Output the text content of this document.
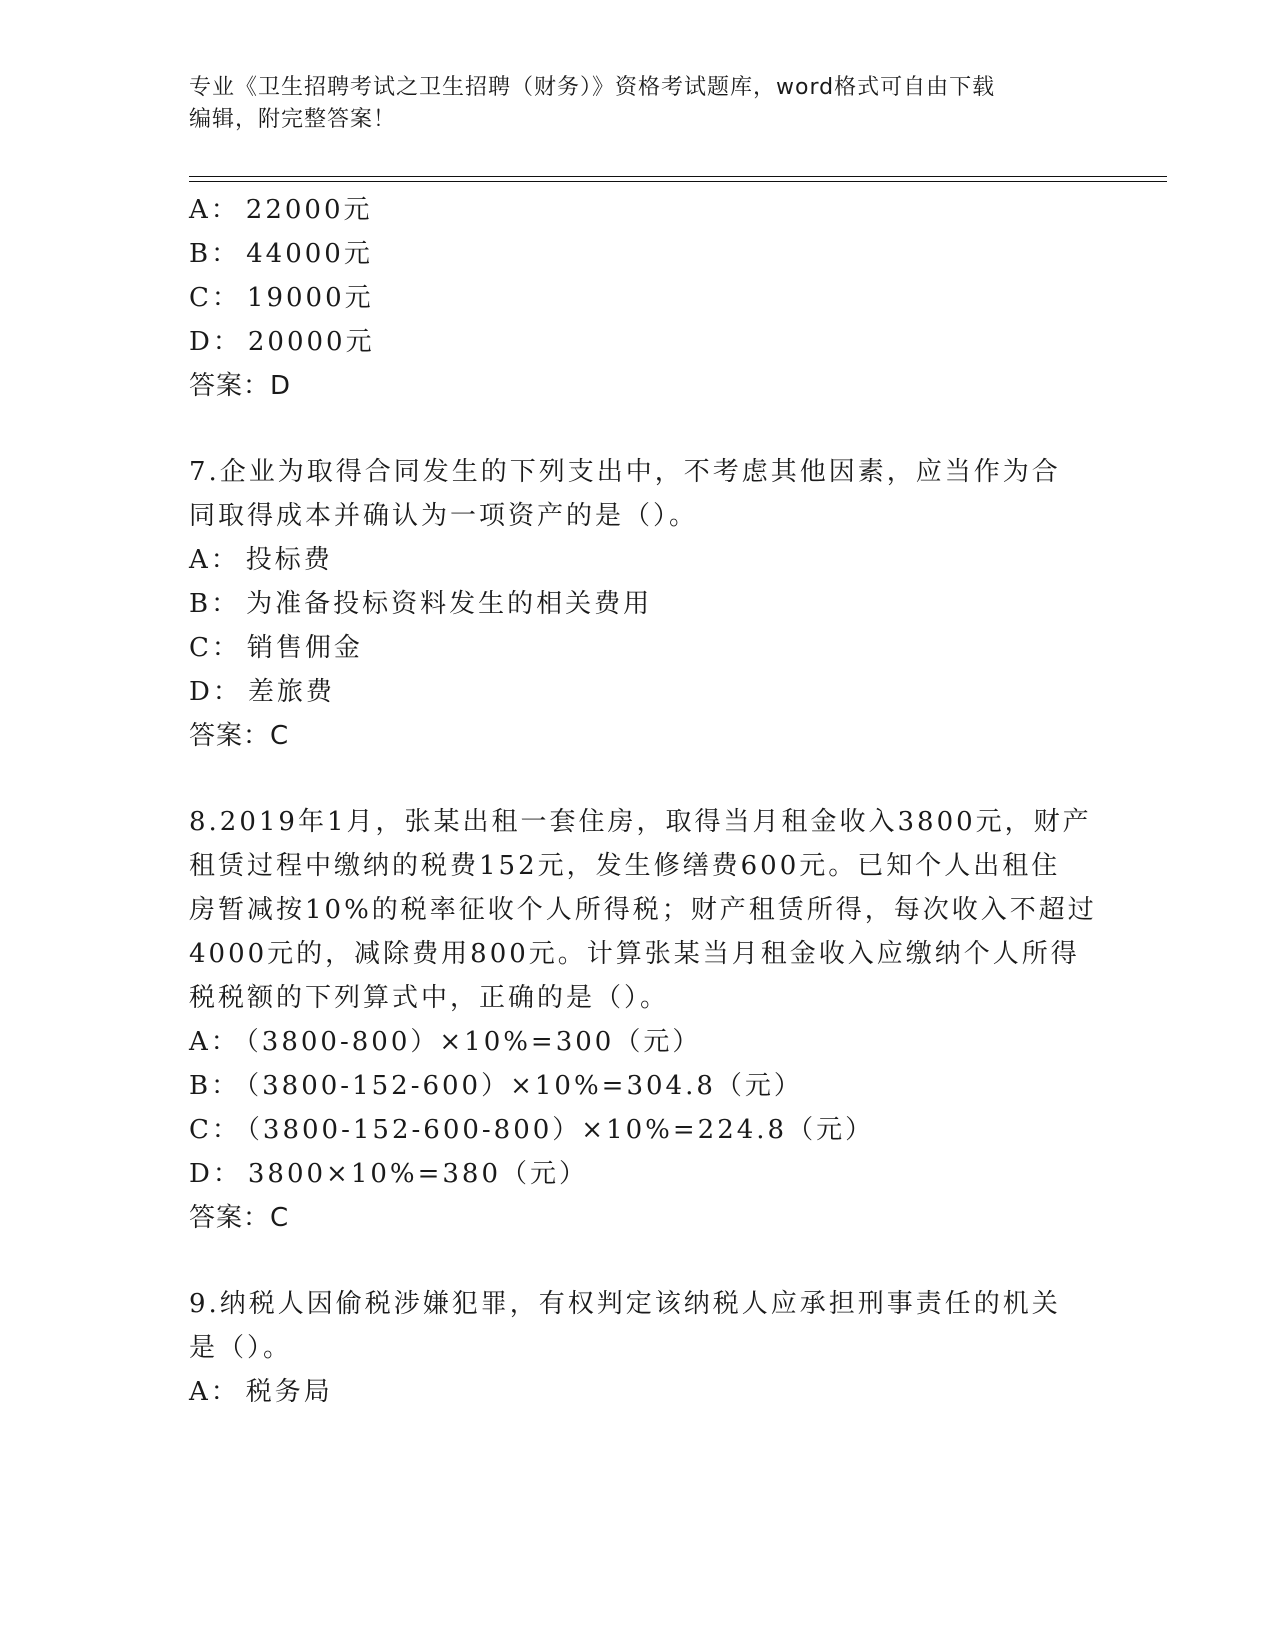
专业《卫生招聘考试之卫生招聘（财务）》资格考试题库，word格式可自由下载
编辑，附完整答案！
A： 22000元
B： 44000元
C： 19000元
D： 20000元
答案：D
7.企业为取得合同发生的下列支出中，不考虑其他因素，应当作为合
同取得成本并确认为一项资产的是（）。
A： 投标费
B： 为准备投标资料发生的相关费用
C： 销售佣金
D： 差旅费
答案：C
8.2019年1月，张某出租一套住房，取得当月租金收入3800元，财产
租赁过程中缴纳的税费152元，发生修缮费600元。已知个人出租住
房暂减按10%的税率征收个人所得税；财产租赁所得，每次收入不超过
4000元的，减除费用800元。计算张某当月租金收入应缴纳个人所得
税税额的下列算式中，正确的是（）。
A： （3800-800）×10%=300（元）
B： （3800-152-600）×10%=304.8（元）
C： （3800-152-600-800）×10%=224.8（元）
D： 3800×10%=380（元）
答案：C
9.纳税人因偷税涉嫌犯罪，有权判定该纳税人应承担刑事责任的机关
是（）。
A： 税务局
